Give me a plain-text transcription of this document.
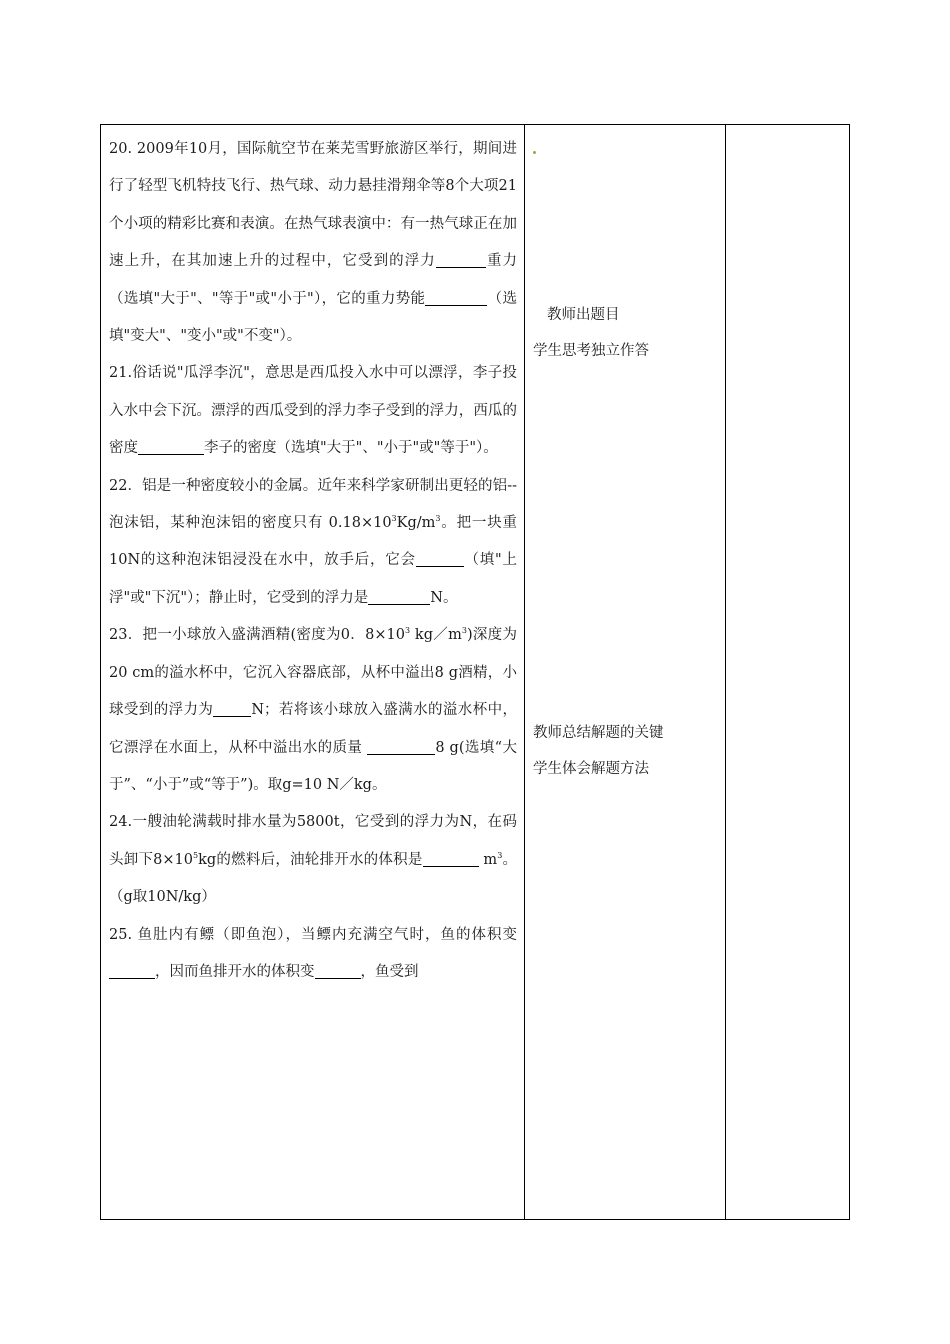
20. 2009年10月，国际航空节在莱芜雪野旅游区举行，期间进行了轻型飞机特技飞行、热气球、动力悬挂滑翔伞等8个大项21个小项的精彩比赛和表演。在热气球表演中：有一热气球正在加速上升，在其加速上升的过程中，它受到的浮力	重力（选填"大于"、"等于"或"小于"），它的重力势能	（选填"变大"、"变小"或"不变"）。

21.俗话说"瓜浮李沉"，意思是西瓜投入水中可以漂浮，李子投入水中会下沉。漂浮的西瓜受到的浮力李子受到的浮力，西瓜的密度	李子的密度（选填"大于"、"小于"或"等于"）。

22．铝是一种密度较小的金属。近年来科学家研制出更轻的铝--泡沫铝，某种泡沫铝的密度只有 $0.18\times 10^3Kg/m^3$。把一块重10N的这种泡沫铝浸没在水中，放手后，它会	（填"上浮"或"下沉"）；静止时，它受到的浮力是	N。

23．把一小球放入盛满酒精(密度为0．$8\times 10^3$ $kg/m^3$)深度为20 cm的溢水杯中，它沉入容器底部，从杯中溢出8 g酒精，小球受到的浮力为	N；若将该小球放入盛满水的溢水杯中，它漂浮在水面上，从杯中溢出水的质量	8 g(选填“大于”、“小于”或“等于”)。取g=10 N／kg。

24.一艘油轮满载时排水量为5800t，它受到的浮力为N，在码头卸下$8\times 10^5kg$的燃料后，油轮排开水的体积是	$m^3$。（g取10N/kg）

25. 鱼肚内有鳔（即鱼泡），当鳔内充满空气时，鱼的体积变，因而鱼排开水的体积变	，鱼受到

教师出题目
学生思考独立作答
教师总结解题的关键
学生体会解题方法
